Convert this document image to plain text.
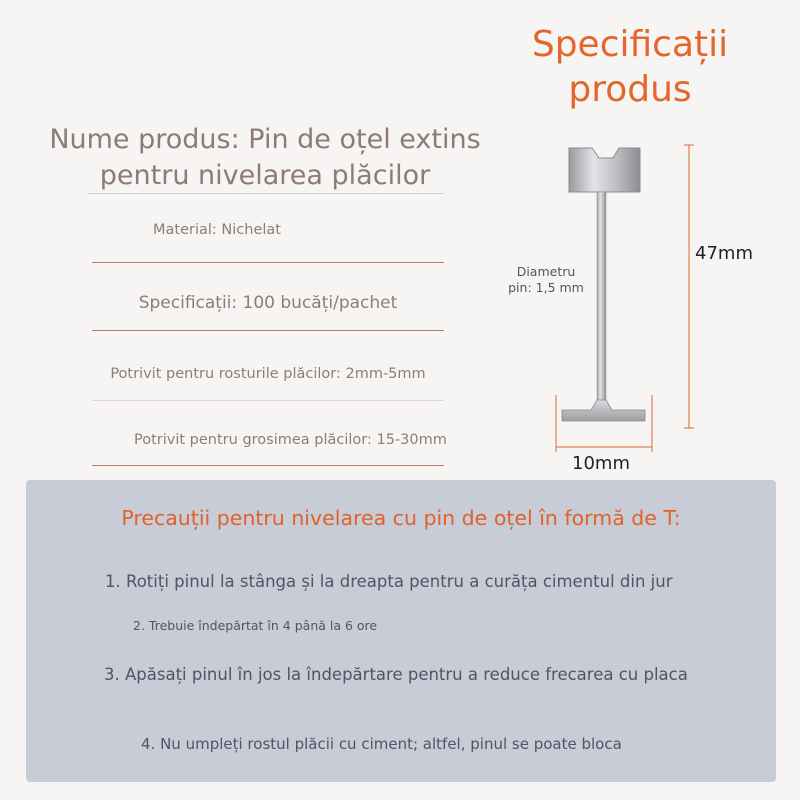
Specificații
produs
Nume produs: Pin de oțel extins
pentru nivelarea plăcilor
Material: Nichelat
Specificații: 100 bucăți/pachet
Potrivit pentru rosturile plăcilor: 2mm-5mm
Potrivit pentru grosimea plăcilor: 15-30mm
47mm
10mm
Diametru
pin: 1,5 mm
Precauții pentru nivelarea cu pin de oțel în formă de T:
1. Rotiți pinul la stânga și la dreapta pentru a curăța cimentul din jur
2. Trebuie îndepărtat în 4 până la 6 ore
3. Apăsați pinul în jos la îndepărtare pentru a reduce frecarea cu placa
4. Nu umpleți rostul plăcii cu ciment; altfel, pinul se poate bloca
